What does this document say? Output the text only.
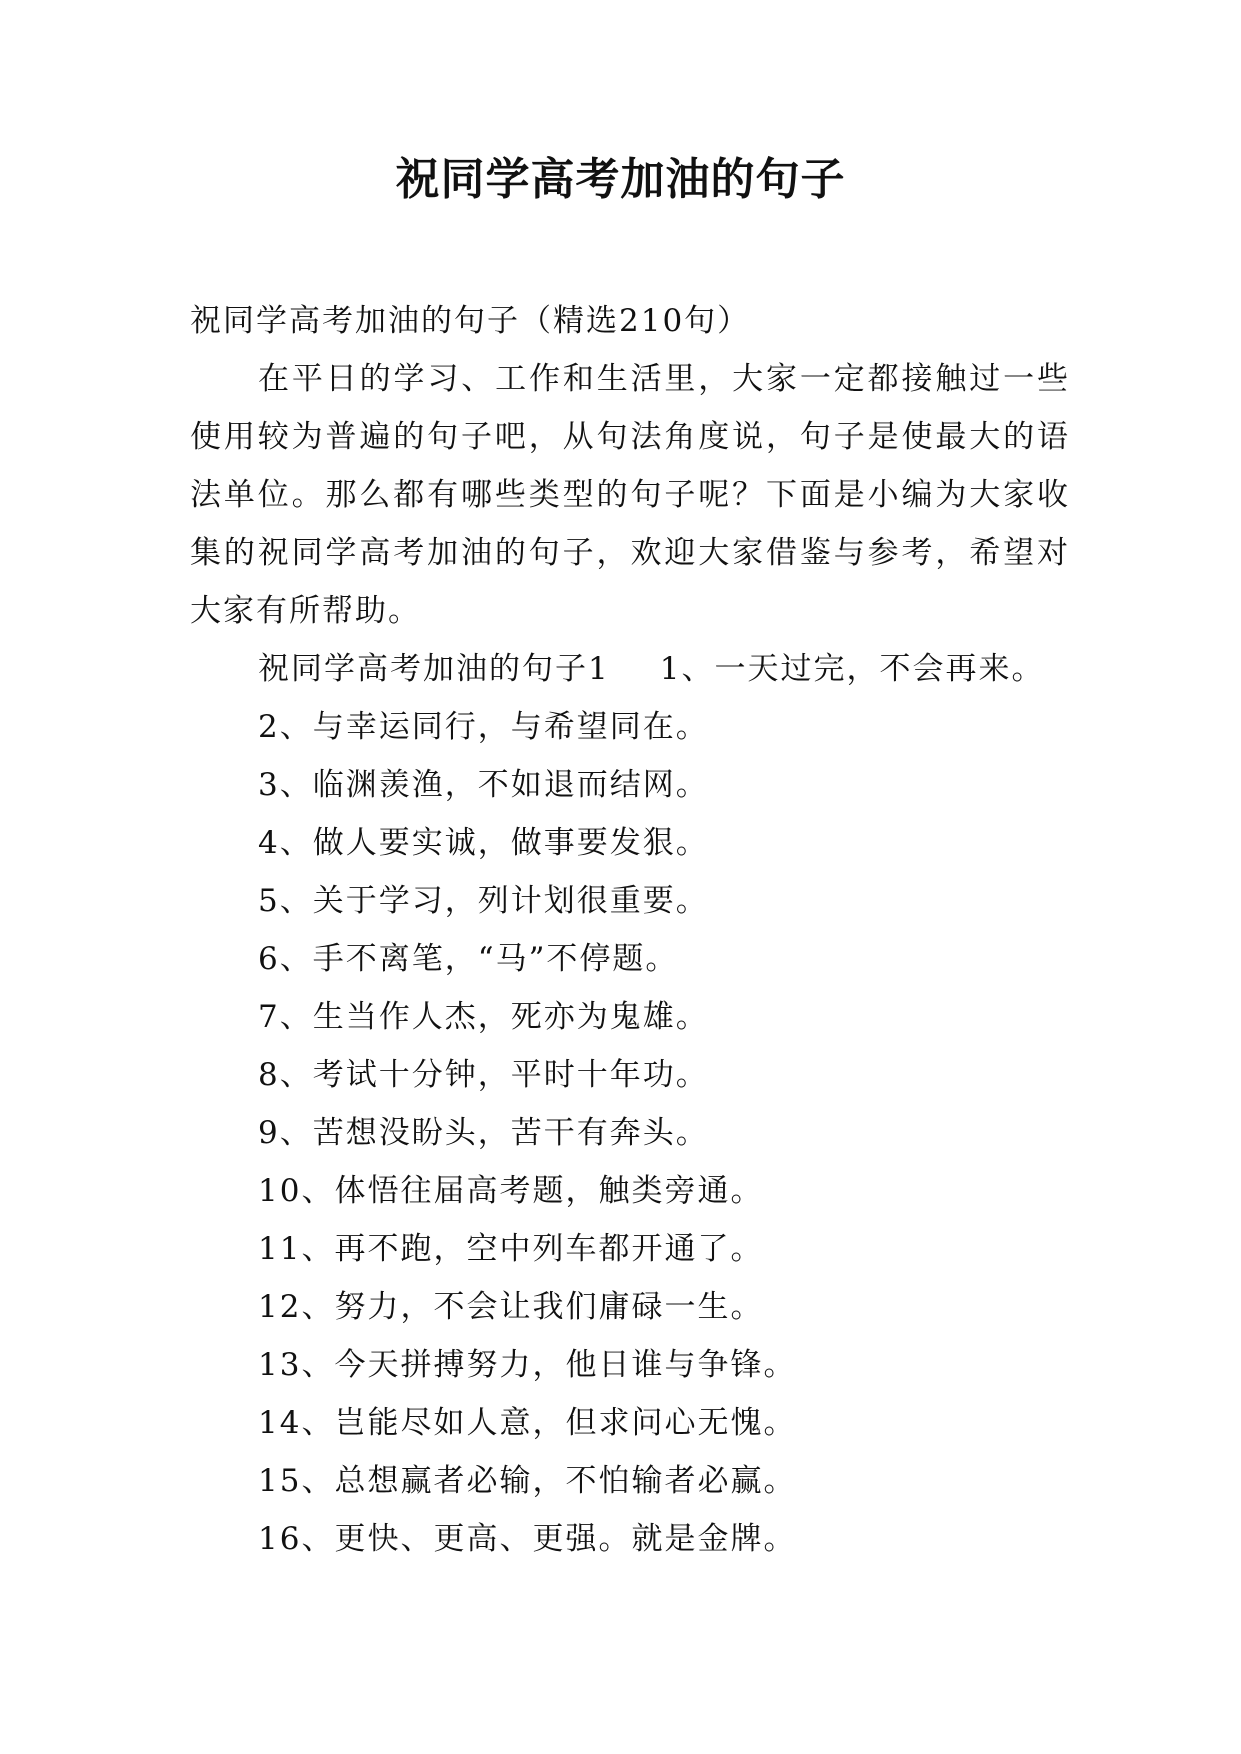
祝同学高考加油的句子

祝同学高考加油的句子（精选210句）

在平日的学习、工作和生活里，大家一定都接触过一些使用较为普遍的句子吧，从句法角度说，句子是使最大的语法单位。那么都有哪些类型的句子呢？下面是小编为大家收集的祝同学高考加油的句子，欢迎大家借鉴与参考，希望对大家有所帮助。

祝同学高考加油的句子1 1、一天过完，不会再来。

2、与幸运同行，与希望同在。

3、临渊羡渔，不如退而结网。

4、做人要实诚，做事要发狠。

5、关于学习，列计划很重要。

6、手不离笔，“马”不停题。

7、生当作人杰，死亦为鬼雄。

8、考试十分钟，平时十年功。

9、苦想没盼头，苦干有奔头。

10、体悟往届高考题，触类旁通。

11、再不跑，空中列车都开通了。

12、努力，不会让我们庸碌一生。

13、今天拼搏努力，他日谁与争锋。

14、岂能尽如人意，但求问心无愧。

15、总想赢者必输，不怕输者必赢。

16、更快、更高、更强。就是金牌。
